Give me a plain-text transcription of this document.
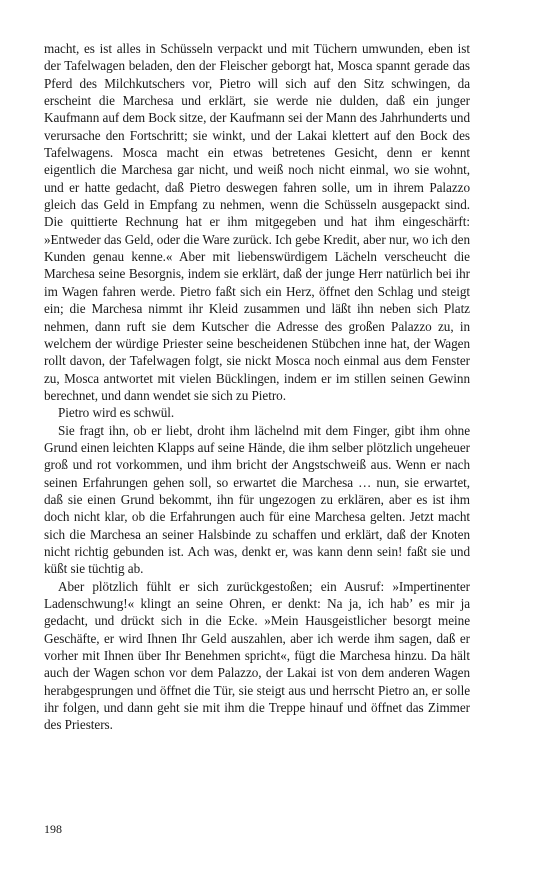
macht, es ist alles in Schüsseln verpackt und mit Tüchern umwunden, eben ist der Tafelwagen beladen, den der Fleischer geborgt hat, Mosca spannt gerade das Pferd des Milchkutschers vor, Pietro will sich auf den Sitz schwingen, da erscheint die Marchesa und erklärt, sie werde nie dulden, daß ein junger Kaufmann auf dem Bock sitze, der Kaufmann sei der Mann des Jahrhunderts und verursache den Fortschritt; sie winkt, und der Lakai klettert auf den Bock des Tafelwagens. Mosca macht ein etwas betretenes Gesicht, denn er kennt eigentlich die Marchesa gar nicht, und weiß noch nicht einmal, wo sie wohnt, und er hatte gedacht, daß Pietro deswegen fahren solle, um in ihrem Palazzo gleich das Geld in Empfang zu nehmen, wenn die Schüsseln ausgepackt sind. Die quittierte Rechnung hat er ihm mitgegeben und hat ihm eingeschärft: »Entweder das Geld, oder die Ware zurück. Ich gebe Kredit, aber nur, wo ich den Kunden genau kenne.« Aber mit liebenswürdigem Lächeln verscheucht die Marchesa seine Besorgnis, indem sie erklärt, daß der junge Herr natürlich bei ihr im Wagen fahren werde. Pietro faßt sich ein Herz, öffnet den Schlag und steigt ein; die Marchesa nimmt ihr Kleid zusammen und läßt ihn neben sich Platz nehmen, dann ruft sie dem Kutscher die Adresse des großen Palazzo zu, in welchem der würdige Priester seine bescheidenen Stübchen inne hat, der Wagen rollt davon, der Tafelwagen folgt, sie nickt Mosca noch einmal aus dem Fenster zu, Mosca antwortet mit vielen Bücklingen, indem er im stillen seinen Gewinn berechnet, und dann wendet sie sich zu Pietro.

Pietro wird es schwül.

Sie fragt ihn, ob er liebt, droht ihm lächelnd mit dem Finger, gibt ihm ohne Grund einen leichten Klapps auf seine Hände, die ihm selber plötzlich ungeheuer groß und rot vorkommen, und ihm bricht der Angstschweiß aus. Wenn er nach seinen Erfahrungen gehen soll, so erwartet die Marchesa … nun, sie erwartet, daß sie einen Grund bekommt, ihn für ungezogen zu erklären, aber es ist ihm doch nicht klar, ob die Erfahrungen auch für eine Marchesa gelten. Jetzt macht sich die Marchesa an seiner Halsbinde zu schaffen und erklärt, daß der Knoten nicht richtig gebunden ist. Ach was, denkt er, was kann denn sein! faßt sie und küßt sie tüchtig ab.

Aber plötzlich fühlt er sich zurückgestoßen; ein Ausruf: »Impertinenter Ladenschwung!« klingt an seine Ohren, er denkt: Na ja, ich hab’ es mir ja gedacht, und drückt sich in die Ecke. »Mein Hausgeistlicher besorgt meine Geschäfte, er wird Ihnen Ihr Geld auszahlen, aber ich werde ihm sagen, daß er vorher mit Ihnen über Ihr Benehmen spricht«, fügt die Marchesa hinzu. Da hält auch der Wagen schon vor dem Palazzo, der Lakai ist von dem anderen Wagen herabgesprungen und öffnet die Tür, sie steigt aus und herrscht Pietro an, er solle ihr folgen, und dann geht sie mit ihm die Treppe hinauf und öffnet das Zimmer des Priesters.

198
